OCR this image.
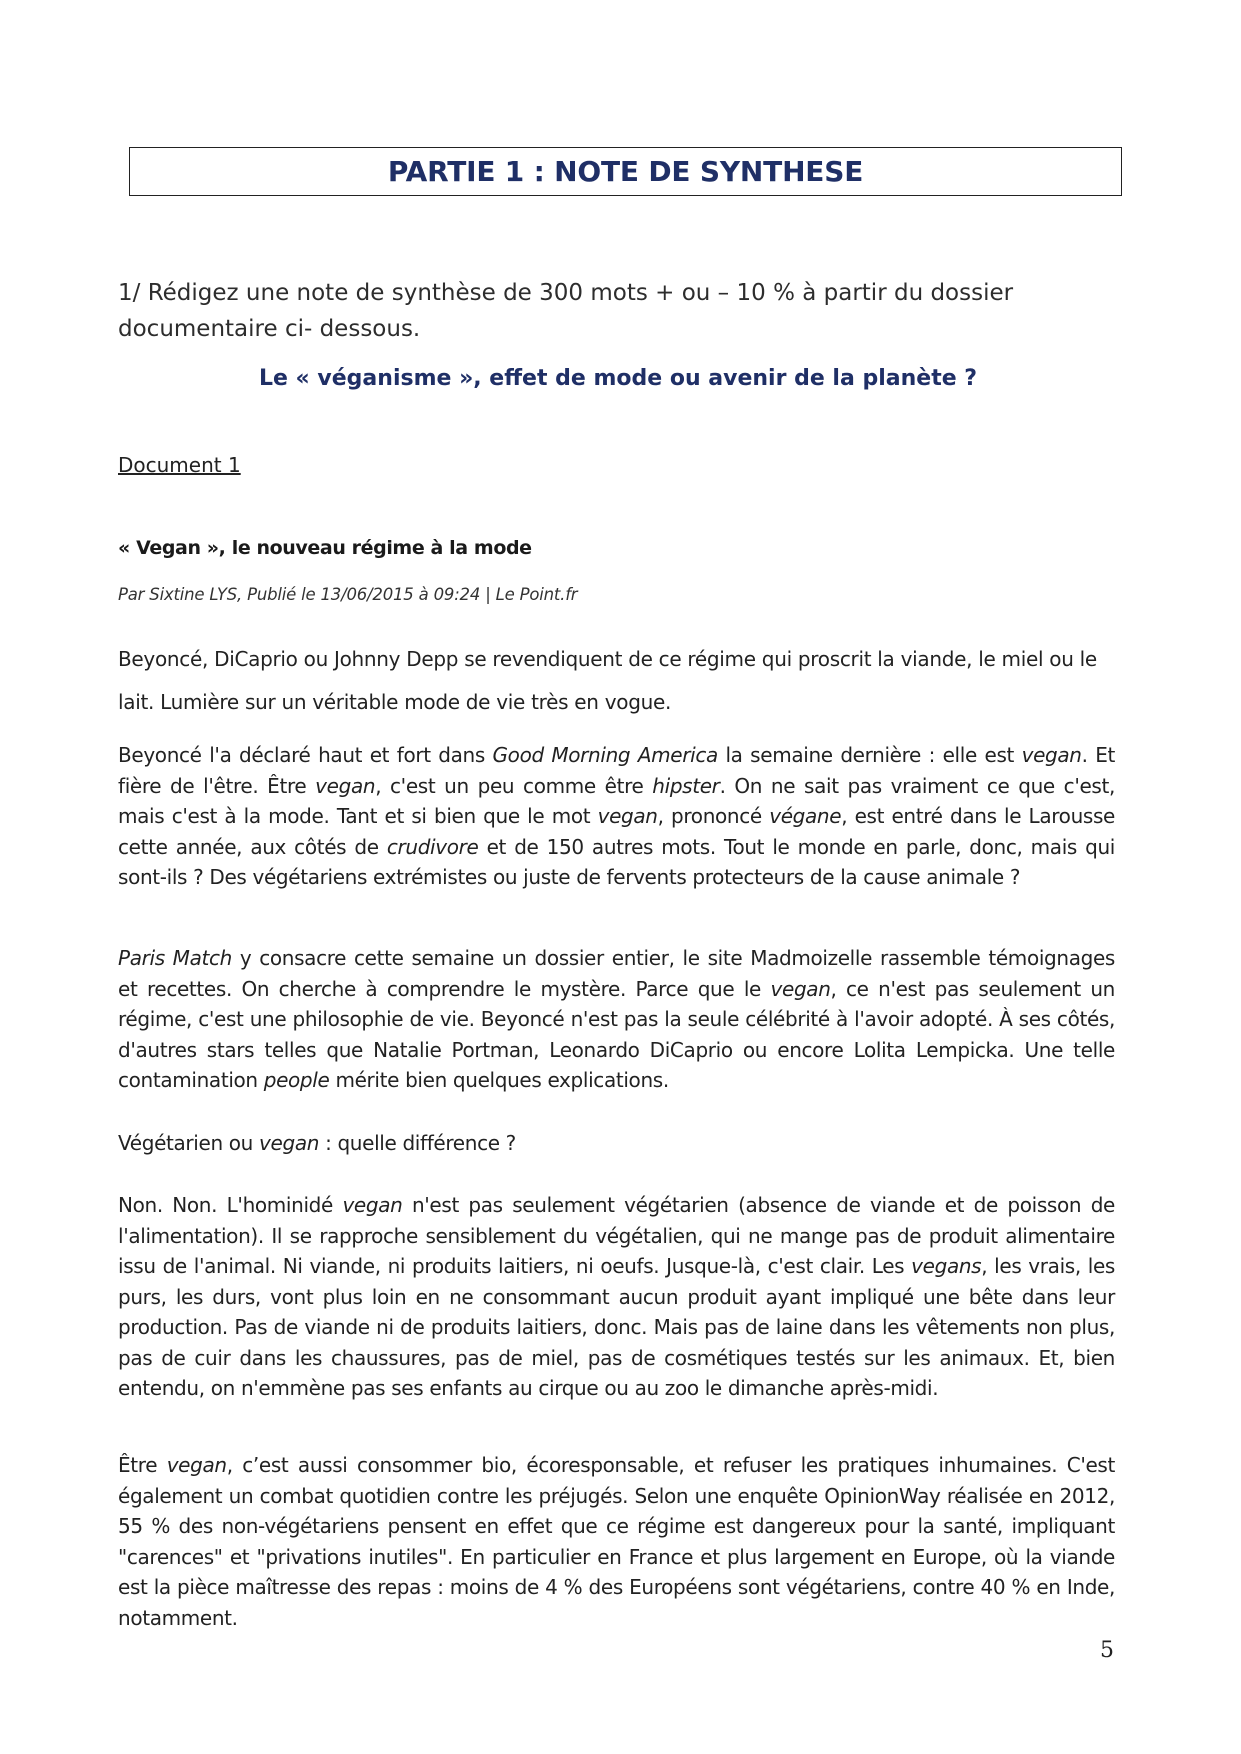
PARTIE 1 : NOTE DE SYNTHESE
1/ Rédigez une note de synthèse de 300 mots + ou – 10 % à partir du dossier documentaire ci- dessous.
Le « véganisme », effet de mode ou avenir de la planète ?
Document 1
« Vegan », le nouveau régime à la mode
Par Sixtine LYS, Publié le 13/06/2015 à 09:24 | Le Point.fr
Beyoncé, DiCaprio ou Johnny Depp se revendiquent de ce régime qui proscrit la viande, le miel ou le lait. Lumière sur un véritable mode de vie très en vogue.
Beyoncé l'a déclaré haut et fort dans Good Morning America la semaine dernière : elle est vegan. Et fière de l'être. Être vegan, c'est un peu comme être hipster. On ne sait pas vraiment ce que c'est, mais c'est à la mode. Tant et si bien que le mot vegan, prononcé végane, est entré dans le Larousse cette année, aux côtés de crudivore et de 150 autres mots. Tout le monde en parle, donc, mais qui sont-ils ? Des végétariens extrémistes ou juste de fervents protecteurs de la cause animale ?
Paris Match y consacre cette semaine un dossier entier, le site Madmoizelle rassemble témoignages et recettes. On cherche à comprendre le mystère. Parce que le vegan, ce n'est pas seulement un régime, c'est une philosophie de vie. Beyoncé n'est pas la seule célébrité à l'avoir adopté. À ses côtés, d'autres stars telles que Natalie Portman, Leonardo DiCaprio ou encore Lolita Lempicka. Une telle contamination people mérite bien quelques explications.
Végétarien ou vegan : quelle différence ?
Non. Non. L'hominidé vegan n'est pas seulement végétarien (absence de viande et de poisson de l'alimentation). Il se rapproche sensiblement du végétalien, qui ne mange pas de produit alimentaire issu de l'animal. Ni viande, ni produits laitiers, ni oeufs. Jusque-là, c'est clair. Les vegans, les vrais, les purs, les durs, vont plus loin en ne consommant aucun produit ayant impliqué une bête dans leur production. Pas de viande ni de produits laitiers, donc. Mais pas de laine dans les vêtements non plus, pas de cuir dans les chaussures, pas de miel, pas de cosmétiques testés sur les animaux. Et, bien entendu, on n'emmène pas ses enfants au cirque ou au zoo le dimanche après-midi.
Être vegan, c’est aussi consommer bio, écoresponsable, et refuser les pratiques inhumaines. C'est également un combat quotidien contre les préjugés. Selon une enquête OpinionWay réalisée en 2012, 55 % des non-végétariens pensent en effet que ce régime est dangereux pour la santé, impliquant "carences" et "privations inutiles". En particulier en France et plus largement en Europe, où la viande est la pièce maîtresse des repas : moins de 4 % des Européens sont végétariens, contre 40 % en Inde, notamment.
5
